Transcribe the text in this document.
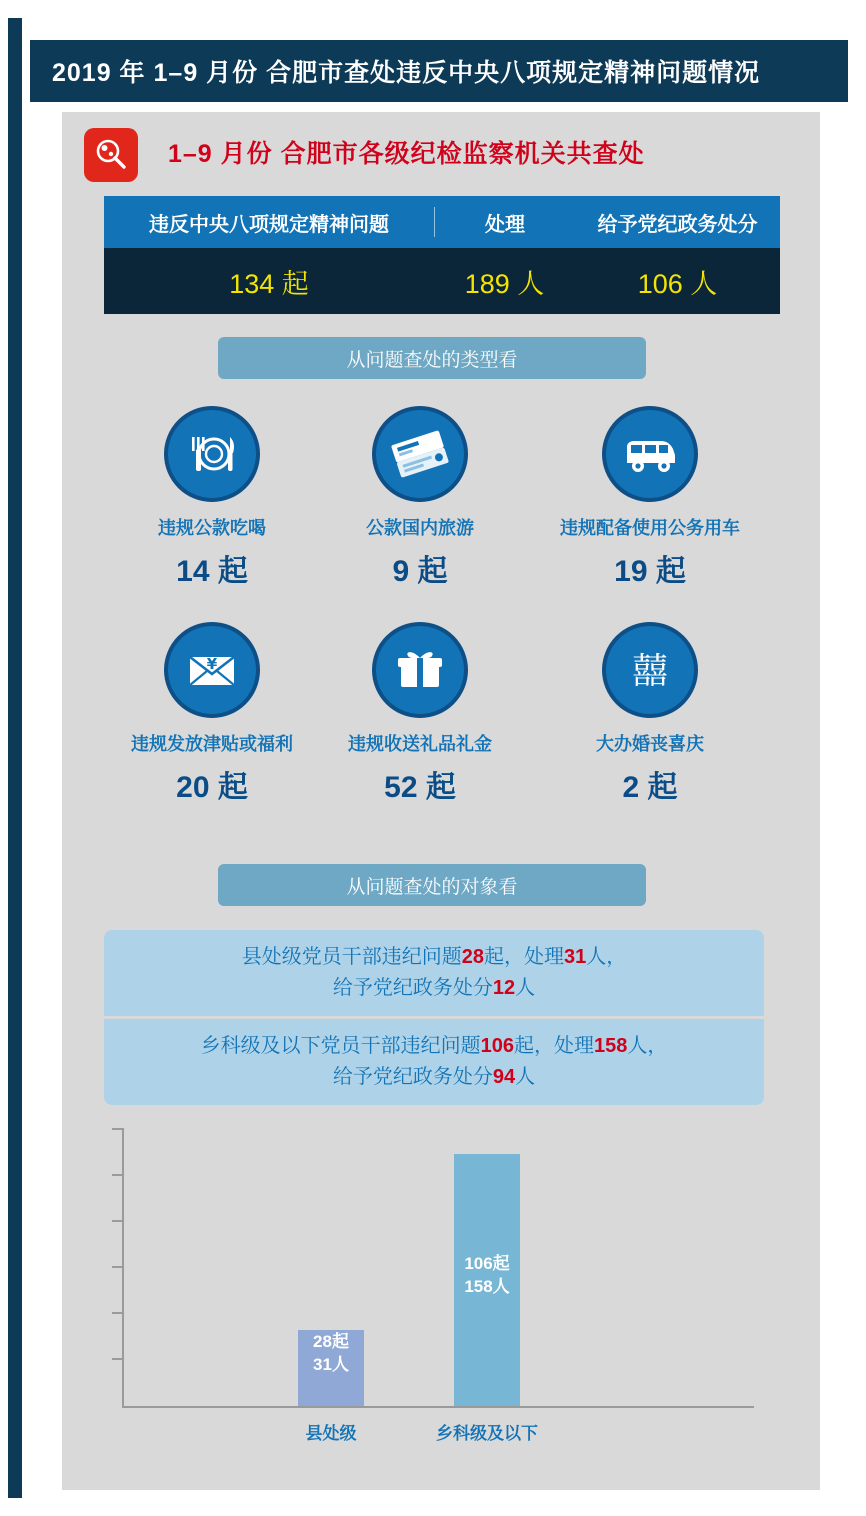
2019 年 1–9 月份 合肥市查处违反中央八项规定精神问题情况
1–9 月份 合肥市各级纪检监察机关共查处
违反中央八项规定精神问题	处理	给予党纪政务处分
134 起	189 人	106 人
从问题查处的类型看
违规公款吃喝
14 起
公款国内旅游
9 起
违规配备使用公务用车
19 起
¥
违规发放津贴或福利
20 起
违规收送礼品礼金
52 起
囍
大办婚丧喜庆
2 起
从问题查处的对象看
县处级党员干部违纪问题28起，处理31人，
给予党纪政务处分12人
乡科级及以下党员干部违纪问题106起，处理158人，
给予党纪政务处分94人
28起
31人
县处级
106起
158人
乡科级及以下
